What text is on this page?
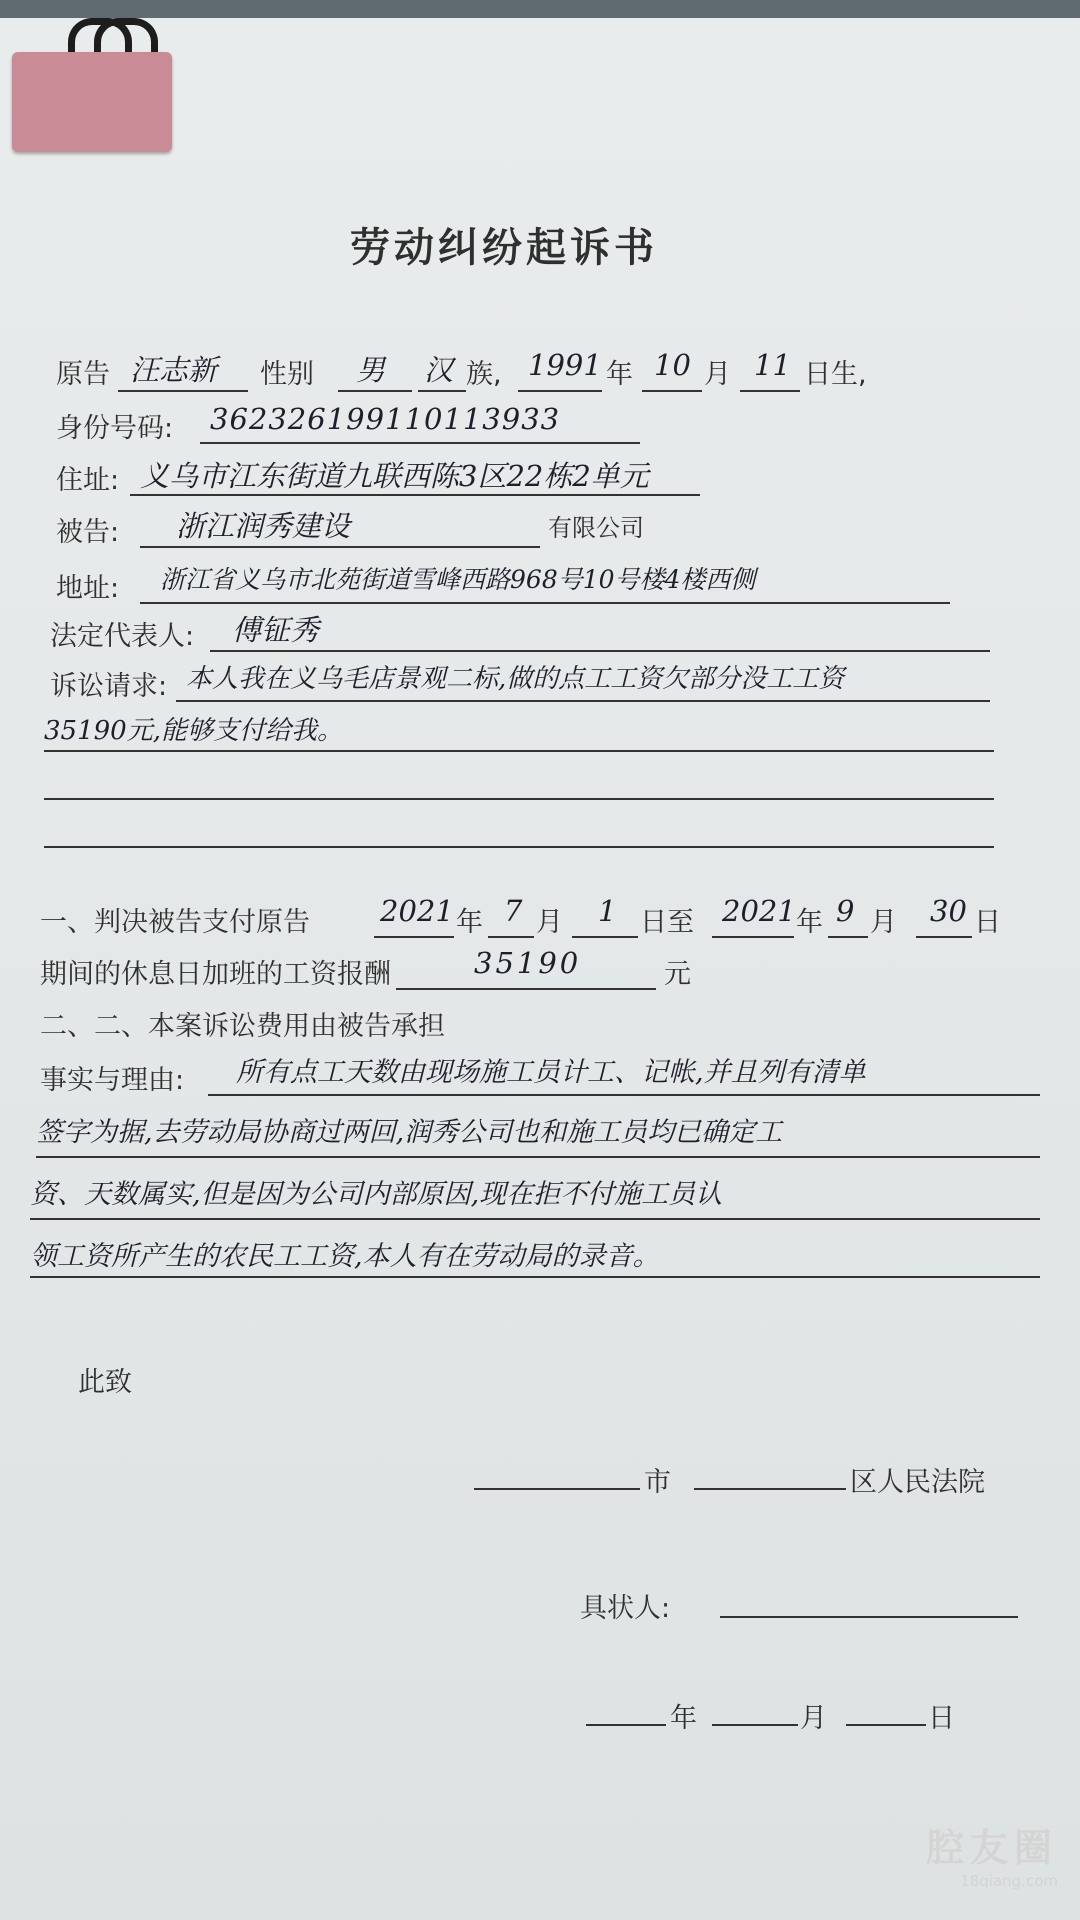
劳动纠纷起诉书
原告 汪志新 性别 男 汉 族, 1991 年 10 月 11 日生,
身份号码: 362326199110113933
住址: 义乌市江东街道九联西陈3区22栋2单元
被告: 浙江润秀建设	有限公司
地址: 浙江省义乌市北苑街道雪峰西路968号10号楼4楼西侧
法定代表人: 傅钲秀
诉讼请求: 本人我在义乌毛店景观二标,做的点工工资欠部分没工工资
35190元,能够支付给我。
一、判决被告支付原告 2021 年 7 月 1 日至 2021 年 9 月 30 日
期间的休息日加班的工资报酬	35190	元
二、二、本案诉讼费用由被告承担
事实与理由: 所有点工天数由现场施工员计工、记帐,并且列有清单
签字为据,去劳动局协商过两回,润秀公司也和施工员均已确定工
资、天数属实,但是因为公司内部原因,现在拒不付施工员认
领工资所产生的农民工工资,本人有在劳动局的录音。
此致
市	区人民法院
具状人:
年	月	日
腔友圈
18qiang.com
